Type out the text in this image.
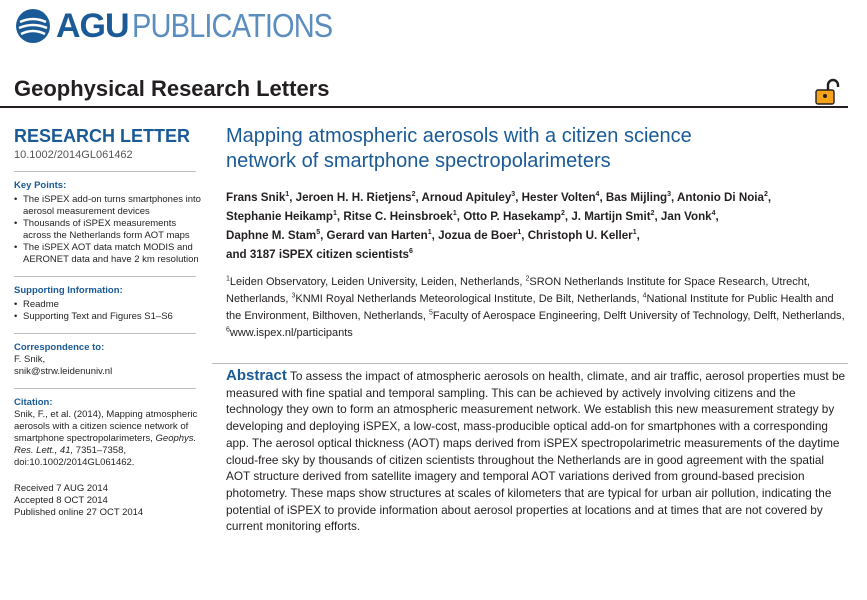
AGU PUBLICATIONS
Geophysical Research Letters
RESEARCH LETTER
10.1002/2014GL061462
Key Points:
• The iSPEX add-on turns smartphones into aerosol measurement devices
• Thousands of iSPEX measurements across the Netherlands form AOT maps
• The iSPEX AOT data match MODIS and AERONET data and have 2 km resolution
Supporting Information:
• Readme
• Supporting Text and Figures S1–S6
Correspondence to:
F. Snik,
snik@strw.leidenuniv.nl
Citation:
Snik, F., et al. (2014), Mapping atmospheric aerosols with a citizen science network of smartphone spectropolarimeters, Geophys. Res. Lett., 41, 7351–7358, doi:10.1002/2014GL061462.
Received 7 AUG 2014
Accepted 8 OCT 2014
Published online 27 OCT 2014
Mapping atmospheric aerosols with a citizen science network of smartphone spectropolarimeters
Frans Snik$^1$, Jeroen H. H. Rietjens$^2$, Arnoud Apituley$^3$, Hester Volten$^4$, Bas Mijling$^3$, Antonio Di Noia$^2$,
Stephanie Heikamp$^1$, Ritse C. Heinsbroek$^1$, Otto P. Hasekamp$^2$, J. Martijn Smit$^2$, Jan Vonk$^4$,
Daphne M. Stam$^5$, Gerard van Harten$^1$, Jozua de Boer$^1$, Christoph U. Keller$^1$,
and 3187 iSPEX citizen scientists$^6$
$^1$Leiden Observatory, Leiden University, Leiden, Netherlands, $^2$SRON Netherlands Institute for Space Research, Utrecht, Netherlands, $^3$KNMI Royal Netherlands Meteorological Institute, De Bilt, Netherlands, $^4$National Institute for Public Health and the Environment, Bilthoven, Netherlands, $^5$Faculty of Aerospace Engineering, Delft University of Technology, Delft, Netherlands, $^6$www.ispex.nl/participants
Abstract To assess the impact of atmospheric aerosols on health, climate, and air traffic, aerosol properties must be measured with fine spatial and temporal sampling. This can be achieved by actively involving citizens and the technology they own to form an atmospheric measurement network. We establish this new measurement strategy by developing and deploying iSPEX, a low-cost, mass-producible optical add-on for smartphones with a corresponding app. The aerosol optical thickness (AOT) maps derived from iSPEX spectropolarimetric measurements of the daytime cloud-free sky by thousands of citizen scientists throughout the Netherlands are in good agreement with the spatial AOT structure derived from satellite imagery and temporal AOT variations derived from ground-based precision photometry. These maps show structures at scales of kilometers that are typical for urban air pollution, indicating the potential of iSPEX to provide information about aerosol properties at locations and at times that are not covered by current monitoring efforts.
